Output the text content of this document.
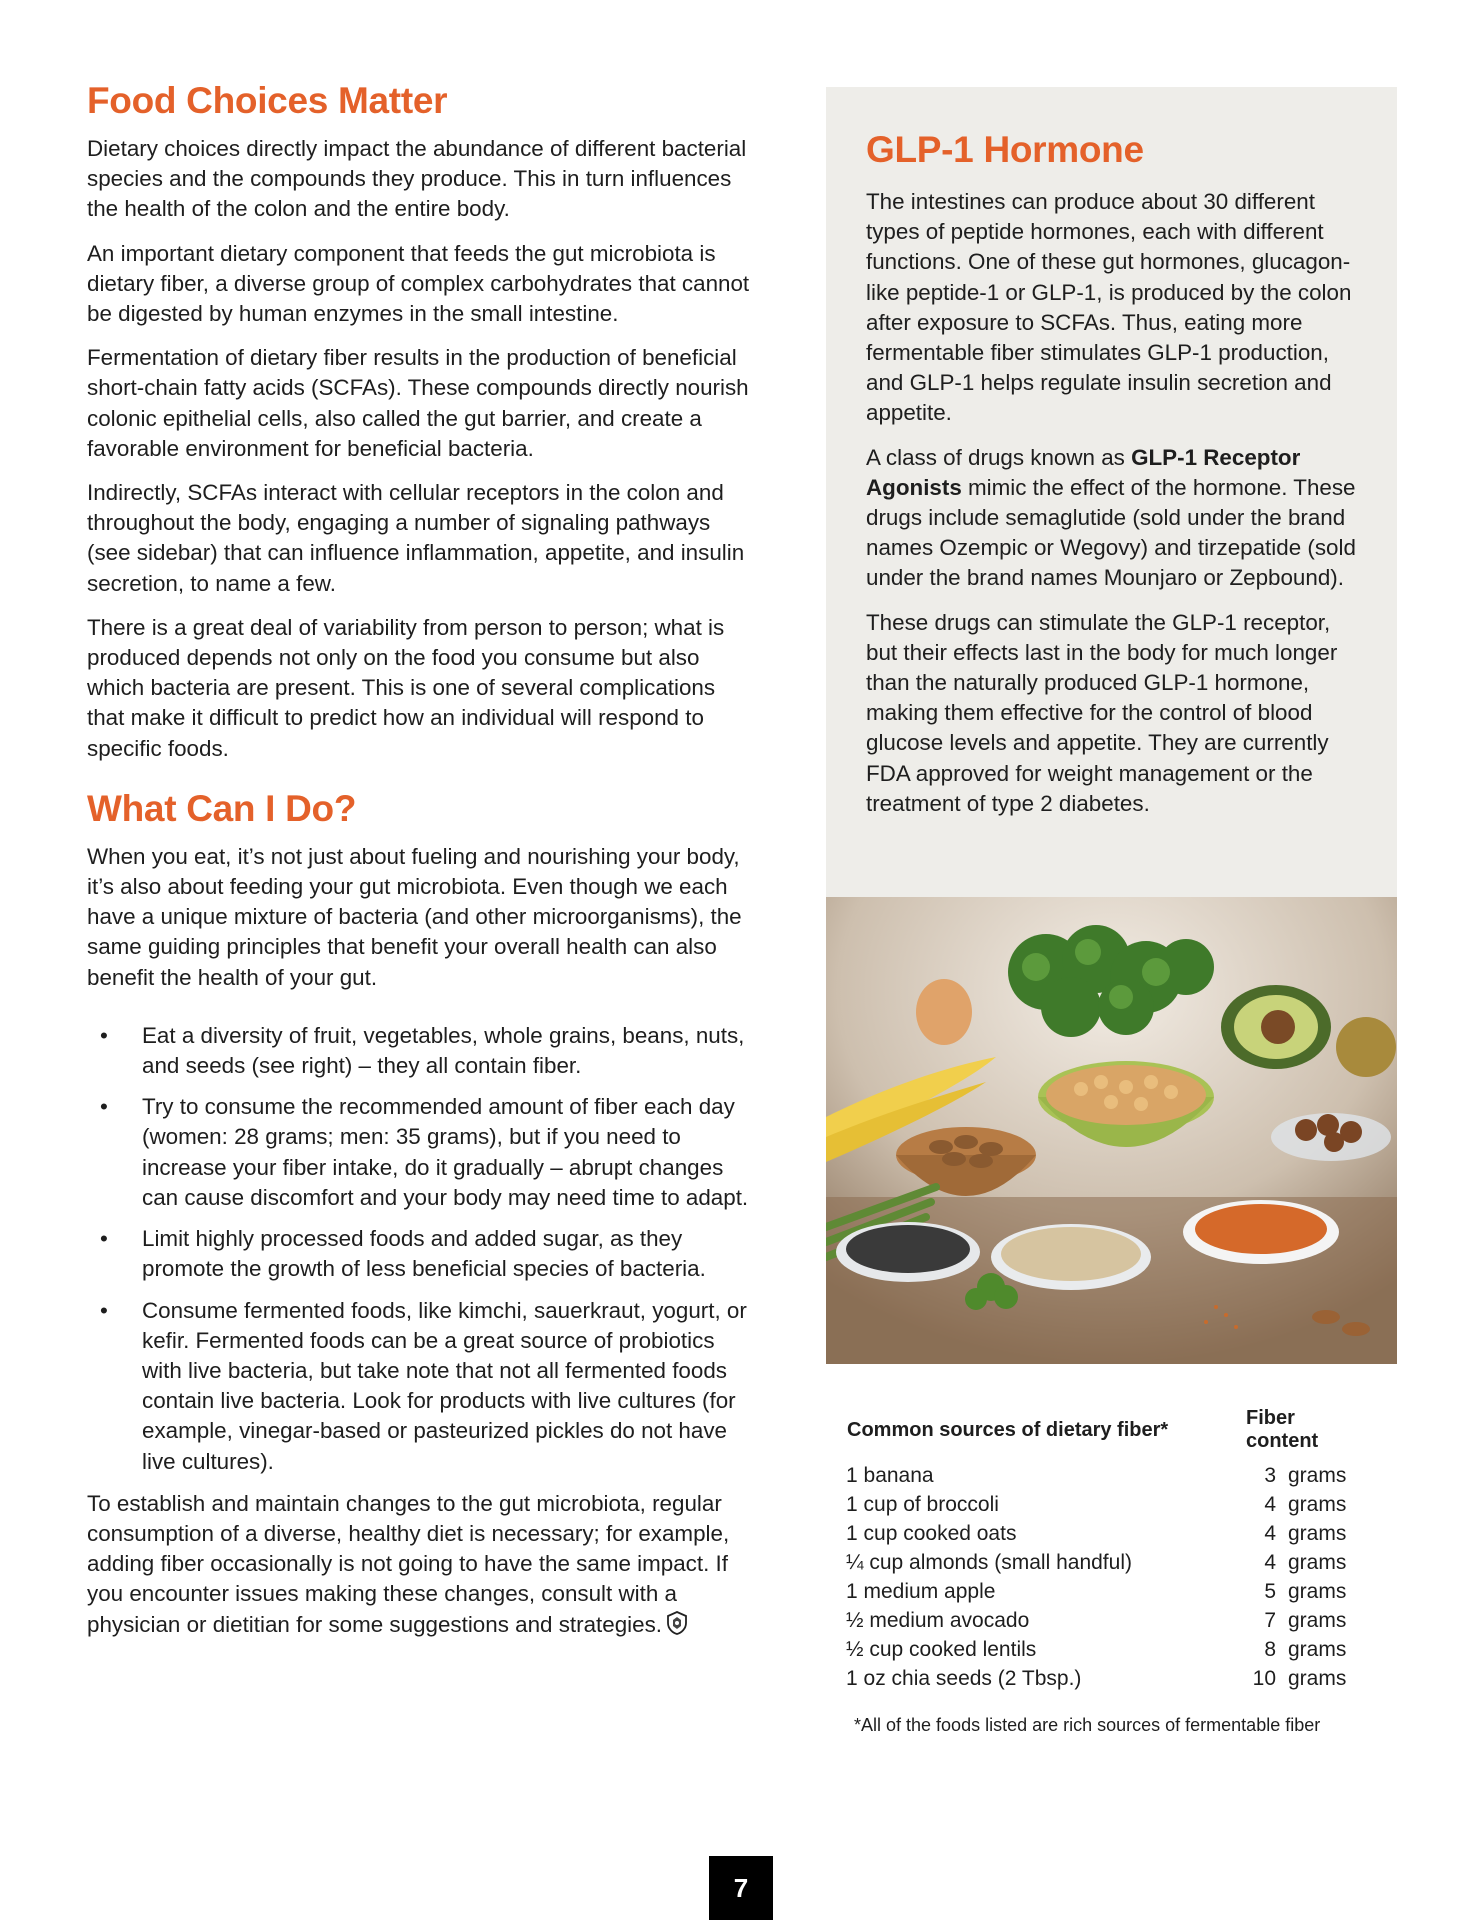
Food Choices Matter

Dietary choices directly impact the abundance of different bacterial species and the compounds they produce. This in turn influences the health of the colon and the entire body.

An important dietary component that feeds the gut microbiota is dietary fiber, a diverse group of complex carbohydrates that cannot be digested by human enzymes in the small intestine.

Fermentation of dietary fiber results in the production of beneficial short-chain fatty acids (SCFAs). These compounds directly nourish colonic epithelial cells, also called the gut barrier, and create a favorable environment for beneficial bacteria.

Indirectly, SCFAs interact with cellular receptors in the colon and throughout the body, engaging a number of signaling pathways (see sidebar) that can influence inflammation, appetite, and insulin secretion, to name a few.

There is a great deal of variability from person to person; what is produced depends not only on the food you consume but also which bacteria are present. This is one of several complications that make it difficult to predict how an individual will respond to specific foods.

What Can I Do?

When you eat, it’s not just about fueling and nourishing your body, it’s also about feeding your gut microbiota. Even though we each have a unique mixture of bacteria (and other microorganisms), the same guiding principles that benefit your overall health can also benefit the health of your gut.

• Eat a diversity of fruit, vegetables, whole grains, beans, nuts, and seeds (see right) – they all contain fiber.
• Try to consume the recommended amount of fiber each day (women: 28 grams; men: 35 grams), but if you need to increase your fiber intake, do it gradually – abrupt changes can cause discomfort and your body may need time to adapt.
• Limit highly processed foods and added sugar, as they promote the growth of less beneficial species of bacteria.
• Consume fermented foods, like kimchi, sauerkraut, yogurt, or kefir. Fermented foods can be a great source of probiotics with live bacteria, but take note that not all fermented foods contain live bacteria. Look for products with live cultures (for example, vinegar-based or pasteurized pickles do not have live cultures).

To establish and maintain changes to the gut microbiota, regular consumption of a diverse, healthy diet is necessary; for example, adding fiber occasionally is not going to have the same impact. If you encounter issues making these changes, consult with a physician or dietitian for some suggestions and strategies.

GLP-1 Hormone

The intestines can produce about 30 different types of peptide hormones, each with different functions. One of these gut hormones, glucagon-like peptide-1 or GLP-1, is produced by the colon after exposure to SCFAs. Thus, eating more fermentable fiber stimulates GLP-1 production, and GLP-1 helps regulate insulin secretion and appetite.

A class of drugs known as GLP-1 Receptor Agonists mimic the effect of the hormone. These drugs include semaglutide (sold under the brand names Ozempic or Wegovy) and tirzepatide (sold under the brand names Mounjaro or Zepbound).

These drugs can stimulate the GLP-1 receptor, but their effects last in the body for much longer than the naturally produced GLP-1 hormone, making them effective for the control of blood glucose levels and appetite. They are currently FDA approved for weight management or the treatment of type 2 diabetes.

Common sources of dietary fiber*	Fiber content	
1 banana	3	grams
1 cup of broccoli	4	grams
1 cup cooked oats	4	grams
¼ cup almonds (small handful)	4	grams
1 medium apple	5	grams
½ medium avocado	7	grams
½ cup cooked lentils	8	grams
1 oz chia seeds (2 Tbsp.)	10	grams
*All of the foods listed are rich sources of fermentable fiber
7
